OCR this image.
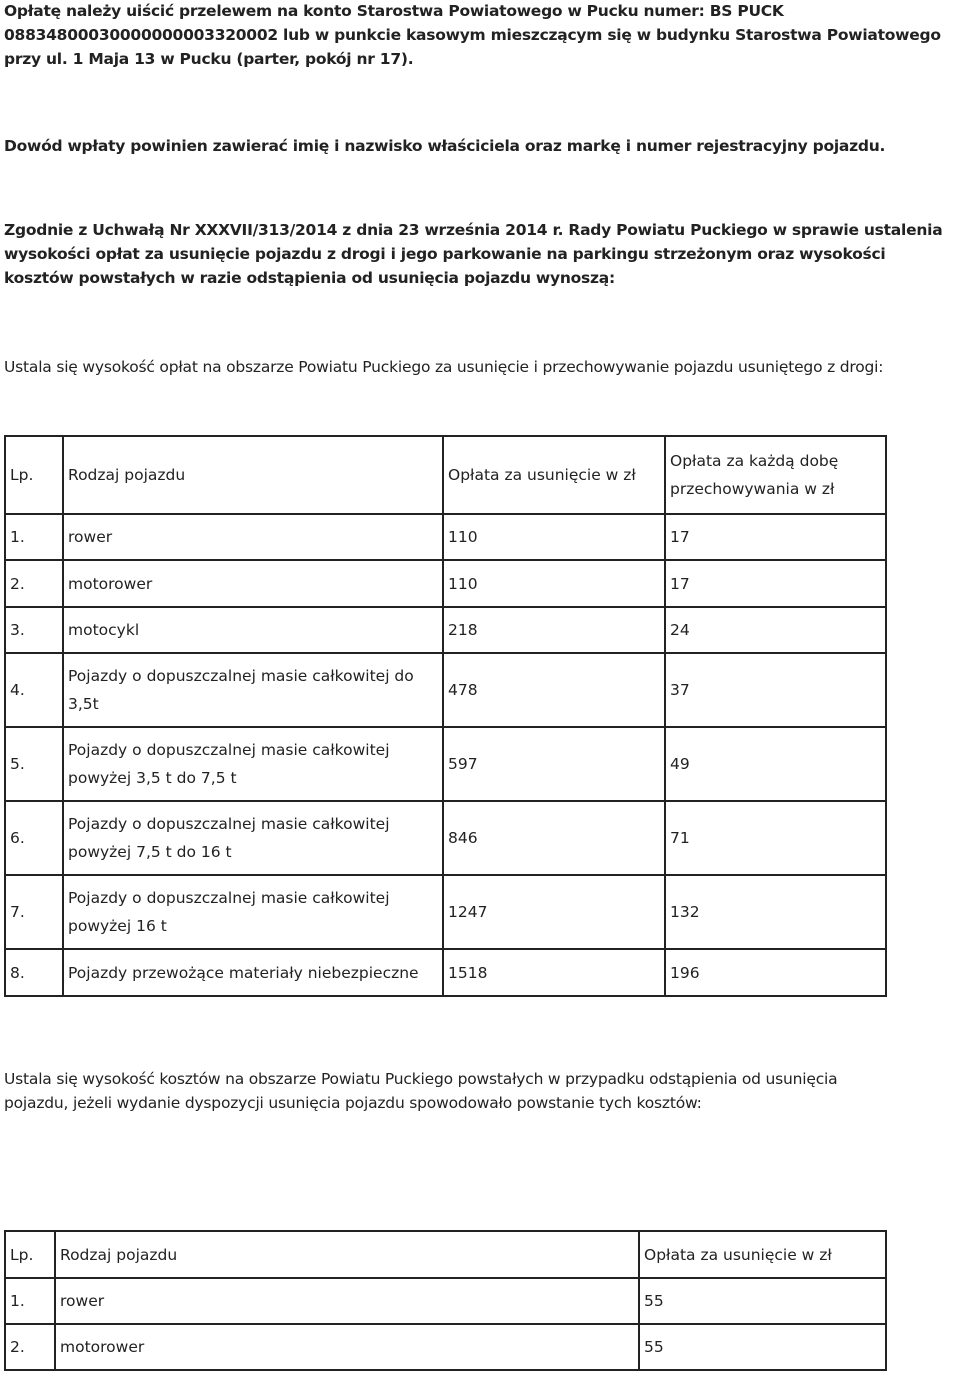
Opłatę należy uiścić przelewem na konto Starostwa Powiatowego w Pucku numer: BS PUCK
08834800030000000003320002 lub w punkcie kasowym mieszczącym się w budynku Starostwa Powiatowego
przy ul. 1 Maja 13 w Pucku (parter, pokój nr 17).

Dowód wpłaty powinien zawierać imię i nazwisko właściciela oraz markę i numer rejestracyjny pojazdu.

Zgodnie z Uchwałą Nr XXXVII/313/2014 z dnia 23 września 2014 r. Rady Powiatu Puckiego w sprawie ustalenia
wysokości opłat za usunięcie pojazdu z drogi i jego parkowanie na parkingu strzeżonym oraz wysokości
kosztów powstałych w razie odstąpienia od usunięcia pojazdu wynoszą:

Ustala się wysokość opłat na obszarze Powiatu Puckiego za usunięcie i przechowywanie pojazdu usuniętego z drogi:

Lp.	Rodzaj pojazdu	Opłata za usunięcie w zł	Opłata za każdą dobę przechowywania w zł
1.	rower	110	17
2.	motorower	110	17
3.	motocykl	218	24
4.	Pojazdy o dopuszczalnej masie całkowitej do 3,5t	478	37
5.	Pojazdy o dopuszczalnej masie całkowitej powyżej 3,5 t do 7,5 t	597	49
6.	Pojazdy o dopuszczalnej masie całkowitej powyżej 7,5 t do 16 t	846	71
7.	Pojazdy o dopuszczalnej masie całkowitej powyżej 16 t	1247	132
8.	Pojazdy przewożące materiały niebezpieczne	1518	196

Ustala się wysokość kosztów na obszarze Powiatu Puckiego powstałych w przypadku odstąpienia od usunięcia
pojazdu, jeżeli wydanie dyspozycji usunięcia pojazdu spowodowało powstanie tych kosztów:

Lp.	Rodzaj pojazdu	Opłata za usunięcie w zł
1.	rower	55
2.	motorower	55
